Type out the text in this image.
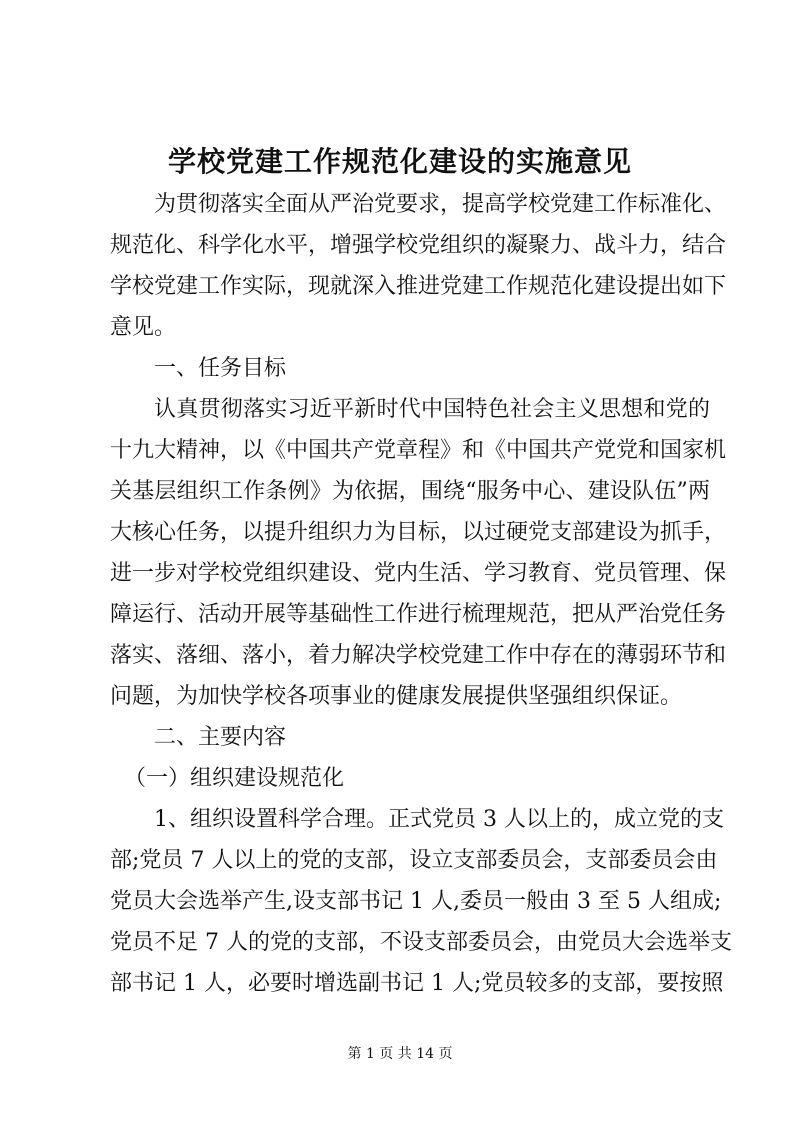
学校党建工作规范化建设的实施意见

为贯彻落实全面从严治党要求，提高学校党建工作标准化、

规范化、科学化水平，增强学校党组织的凝聚力、战斗力，结合

学校党建工作实际，现就深入推进党建工作规范化建设提出如下

意见。

一、任务目标

认真贯彻落实习近平新时代中国特色社会主义思想和党的

十九大精神，以《中国共产党章程》和《中国共产党党和国家机

关基层组织工作条例》为依据，围绕“服务中心、建设队伍”两

大核心任务，以提升组织力为目标，以过硬党支部建设为抓手，

进一步对学校党组织建设、党内生活、学习教育、党员管理、保

障运行、活动开展等基础性工作进行梳理规范，把从严治党任务

落实、落细、落小，着力解决学校党建工作中存在的薄弱环节和

问题，为加快学校各项事业的健康发展提供坚强组织保证。

二、主要内容

（一）组织建设规范化

1、组织设置科学合理。正式党员 3 人以上的，成立党的支

部;党员 7 人以上的党的支部，设立支部委员会，支部委员会由

党员大会选举产生,设支部书记 1 人,委员一般由 3 至 5 人组成;

党员不足 7 人的党的支部，不设支部委员会，由党员大会选举支

部书记 1 人，必要时增选副书记 1 人;党员较多的支部，要按照

第 1 页 共 14 页
